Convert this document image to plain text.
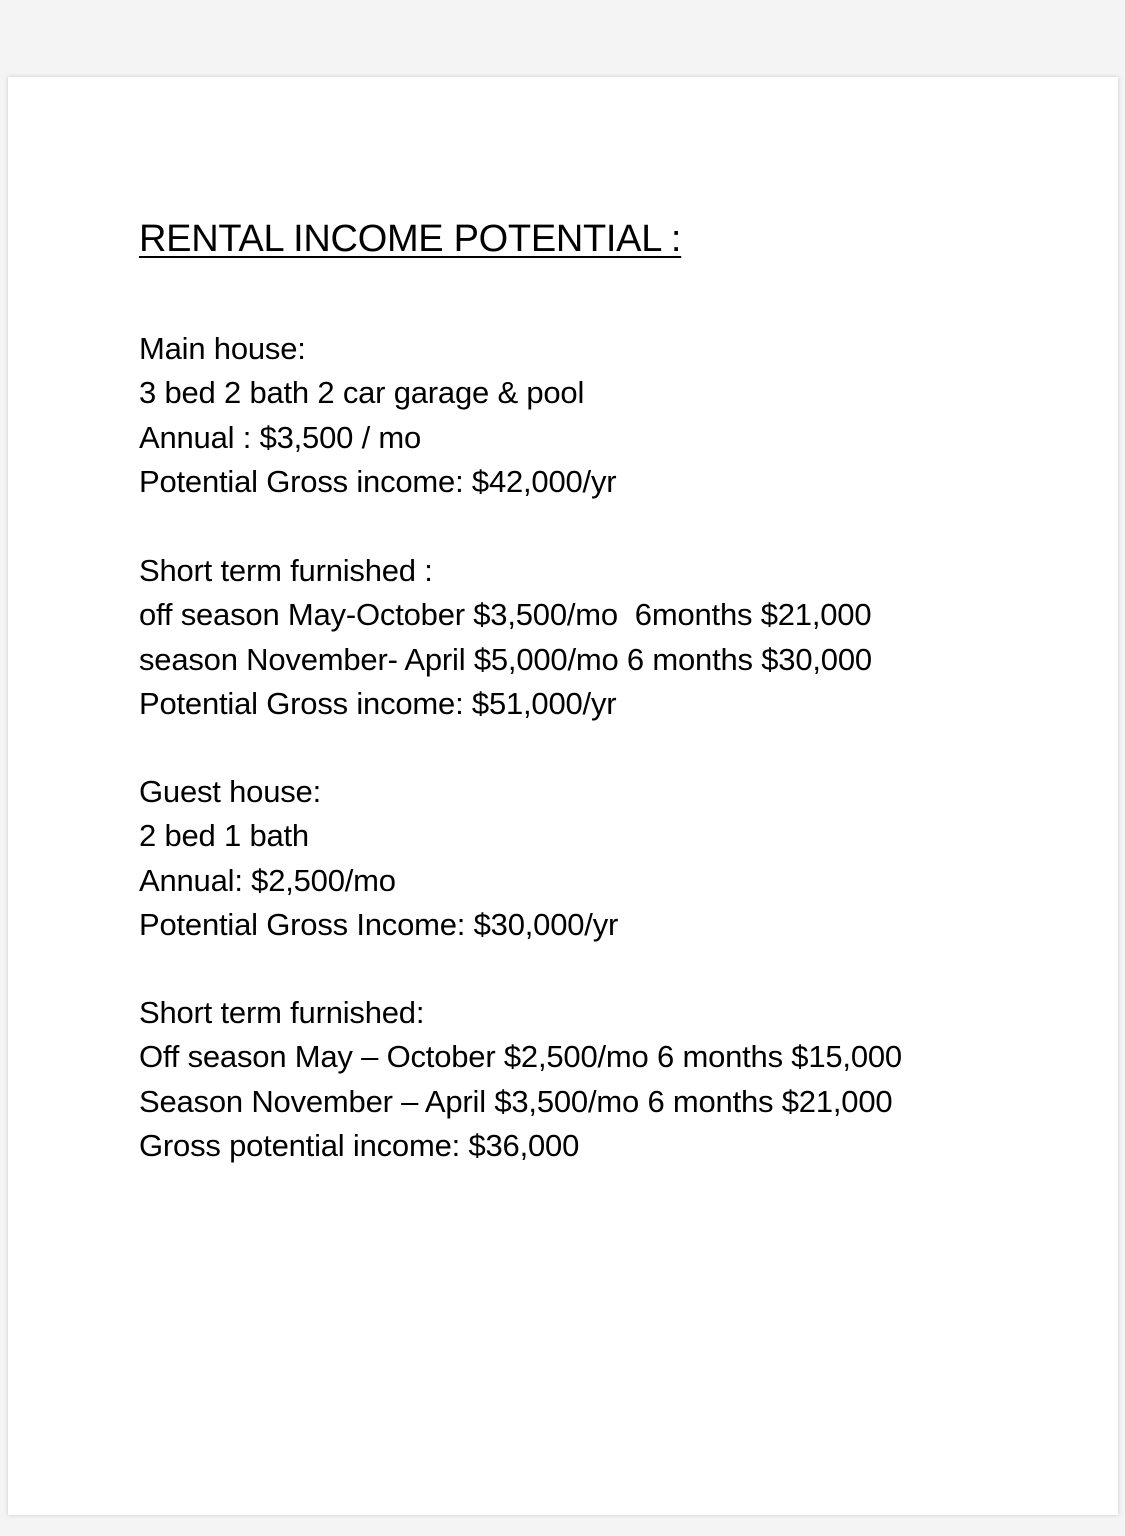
RENTAL INCOME POTENTIAL :
Main house:
3 bed 2 bath 2 car garage & pool
Annual : $3,500 / mo
Potential Gross income: $42,000/yr
Short term furnished :
off season May-October $3,500/mo  6months $21,000
season November- April $5,000/mo 6 months $30,000
Potential Gross income: $51,000/yr
Guest house:
2 bed 1 bath
Annual: $2,500/mo
Potential Gross Income: $30,000/yr
Short term furnished:
Off season May – October $2,500/mo 6 months $15,000
Season November – April $3,500/mo 6 months $21,000
Gross potential income: $36,000
